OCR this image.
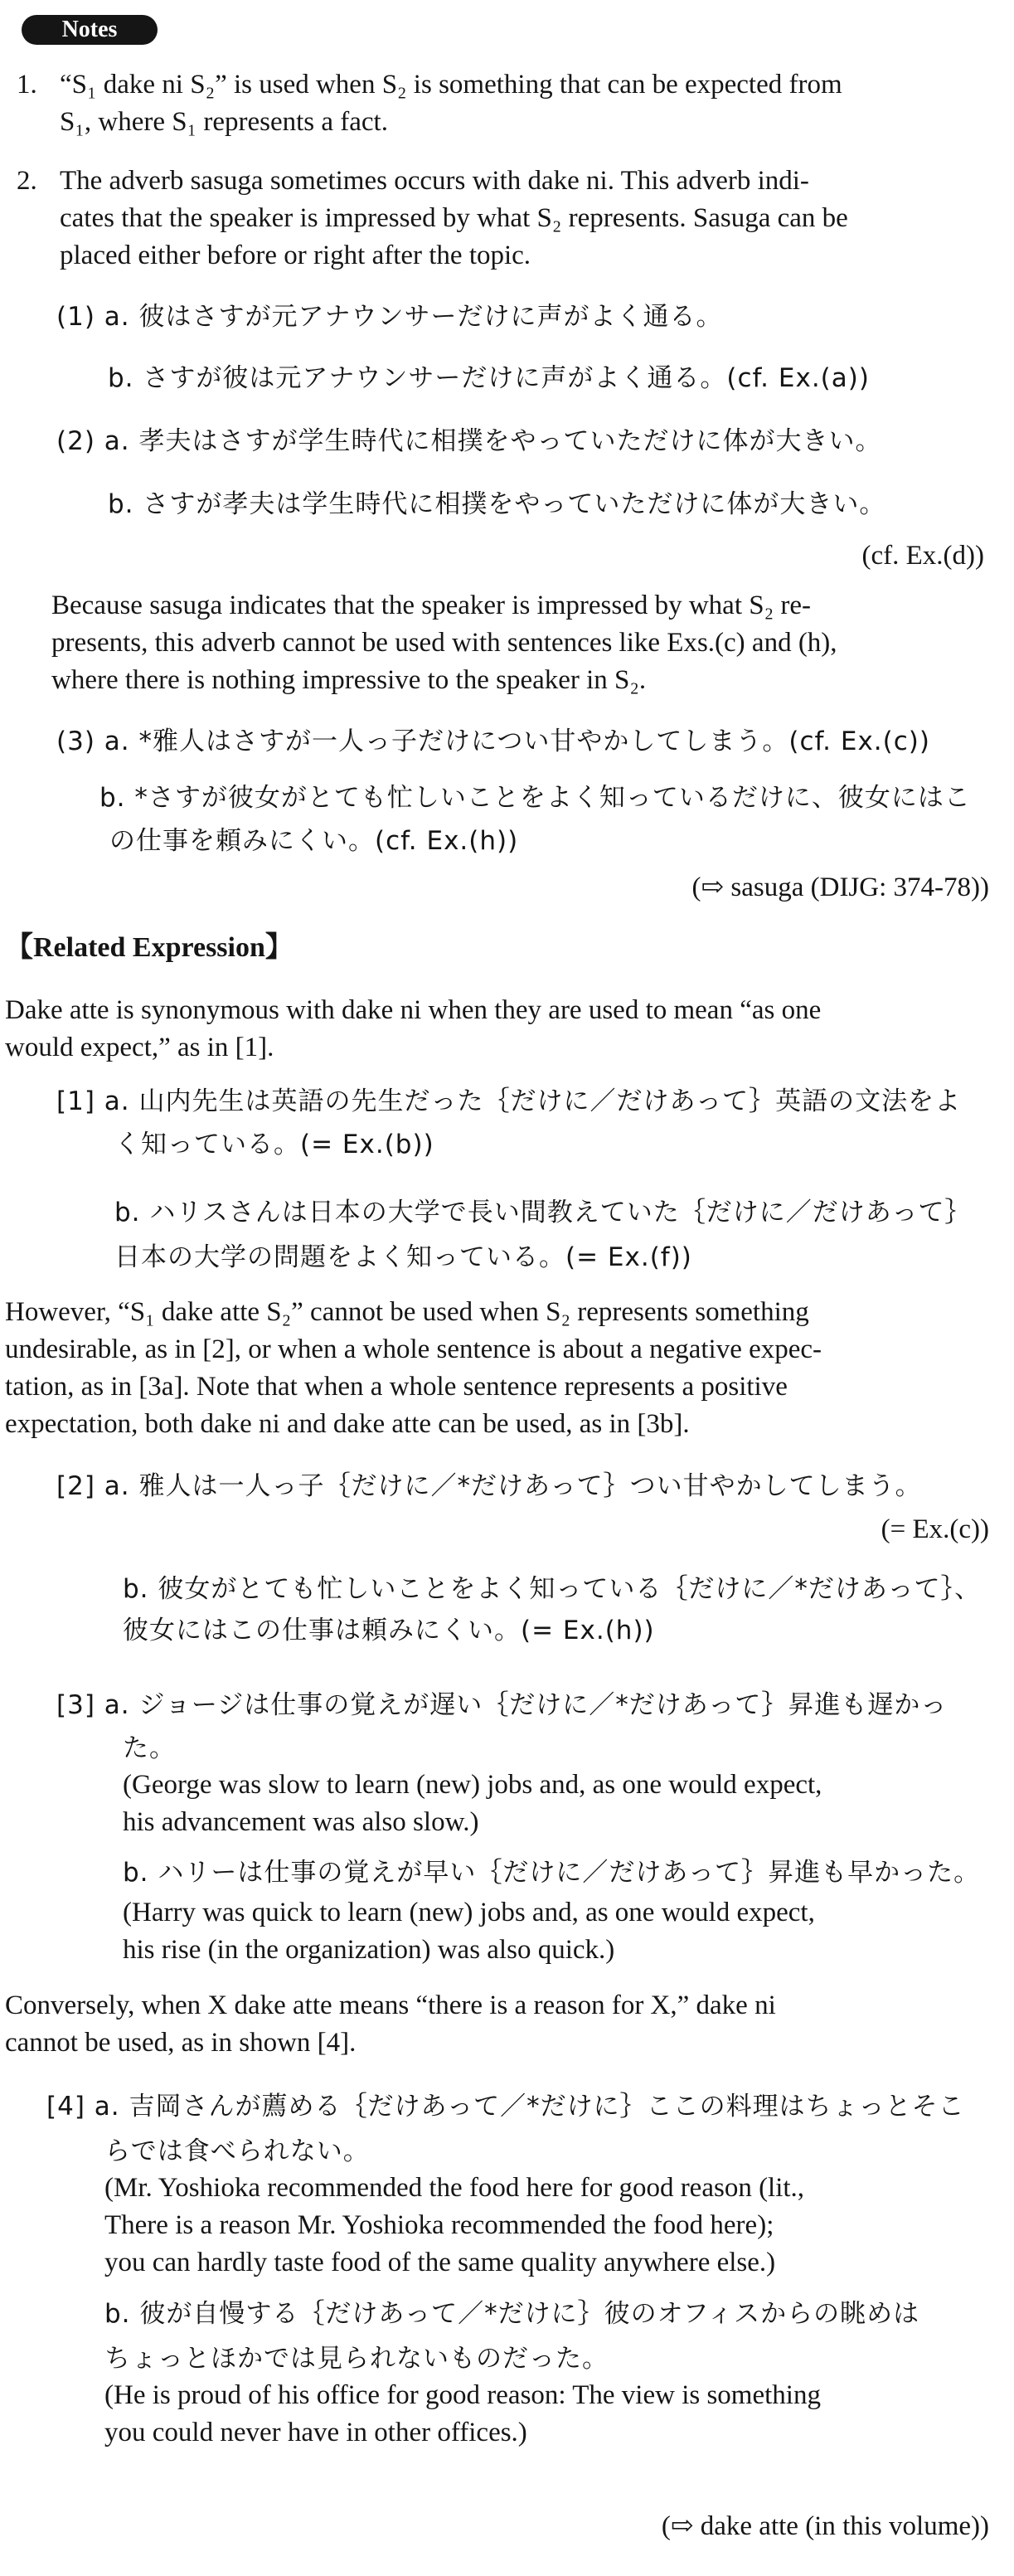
Notes
1. “S₁ dake ni S₂” is used when S₂ is something that can be expected from
S₁, where S₁ represents a fact.
2. The adverb sasuga sometimes occurs with dake ni. This adverb indi-
cates that the speaker is impressed by what S₂ represents. Sasuga can be
placed either before or right after the topic.
(1) a. 彼はさすが元アナウンサーだけに声がよく通る。
b. さすが彼は元アナウンサーだけに声がよく通る。(cf. Ex.(a))
(2) a. 孝夫はさすが学生時代に相撲をやっていただけに体が大きい。
b. さすが孝夫は学生時代に相撲をやっていただけに体が大きい。
(cf. Ex.(d))
Because sasuga indicates that the speaker is impressed by what S₂ re-
presents, this adverb cannot be used with sentences like Exs.(c) and (h),
where there is nothing impressive to the speaker in S₂.
(3) a. *雅人はさすが一人っ子だけについ甘やかしてしまう。(cf. Ex.(c))
b. *さすが彼女がとても忙しいことをよく知っているだけに、彼女にはこ
の仕事を頼みにくい。(cf. Ex.(h))
(⇨ sasuga (DIJG: 374-78))
【Related Expression】
Dake atte is synonymous with dake ni when they are used to mean “as one
would expect,” as in [1].
[1] a. 山内先生は英語の先生だった｛だけに／だけあって｝英語の文法をよ
く知っている。(= Ex.(b))
b. ハリスさんは日本の大学で長い間教えていた｛だけに／だけあって｝
日本の大学の問題をよく知っている。(= Ex.(f))
However, “S₁ dake atte S₂” cannot be used when S₂ represents something
undesirable, as in [2], or when a whole sentence is about a negative expec-
tation, as in [3a]. Note that when a whole sentence represents a positive
expectation, both dake ni and dake atte can be used, as in [3b].
[2] a. 雅人は一人っ子｛だけに／*だけあって｝つい甘やかしてしまう。
(= Ex.(c))
b. 彼女がとても忙しいことをよく知っている｛だけに／*だけあって｝、
彼女にはこの仕事は頼みにくい。(= Ex.(h))
[3] a. ジョージは仕事の覚えが遅い｛だけに／*だけあって｝昇進も遅かっ
た。
(George was slow to learn (new) jobs and, as one would expect,
his advancement was also slow.)
b. ハリーは仕事の覚えが早い｛だけに／だけあって｝昇進も早かった。
(Harry was quick to learn (new) jobs and, as one would expect,
his rise (in the organization) was also quick.)
Conversely, when X dake atte means “there is a reason for X,” dake ni
cannot be used, as in shown [4].
[4] a. 吉岡さんが薦める｛だけあって／*だけに｝ここの料理はちょっとそこ
らでは食べられない。
(Mr. Yoshioka recommended the food here for good reason (lit.,
There is a reason Mr. Yoshioka recommended the food here);
you can hardly taste food of the same quality anywhere else.)
b. 彼が自慢する｛だけあって／*だけに｝彼のオフィスからの眺めは
ちょっとほかでは見られないものだった。
(He is proud of his office for good reason: The view is something
you could never have in other offices.)
(⇨ dake atte (in this volume))
